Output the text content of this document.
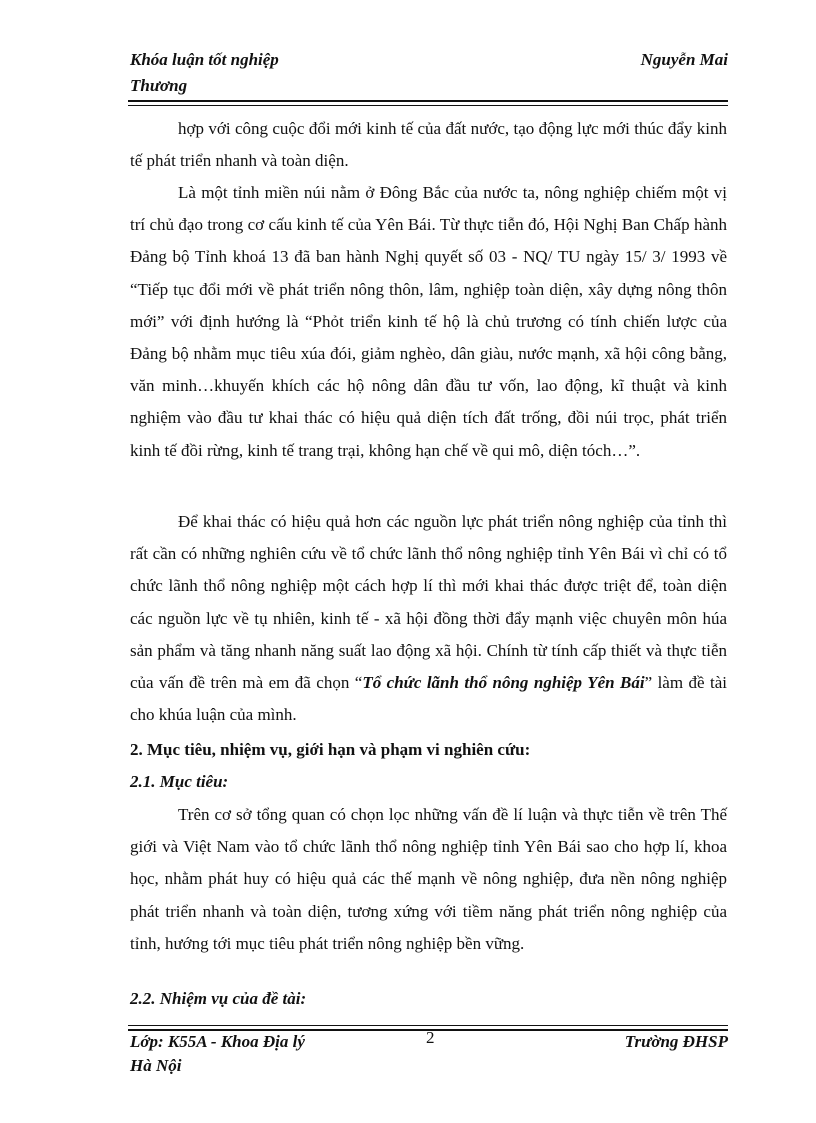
Khóa luận tốt nghiệp	Nguyễn Mai
Thương

hợp với công cuộc đổi mới kinh tế của đất nước, tạo động lực mới thúc đẩy kinh tế phát triển nhanh và toàn diện.

Là một tỉnh miền núi nằm ở Đông Bắc của nước ta, nông nghiệp chiếm một vị trí chủ đạo trong cơ cấu kinh tế của Yên Bái. Từ thực tiễn đó, Hội Nghị Ban Chấp hành Đảng bộ Tỉnh khoá 13 đã ban hành Nghị quyết số 03 - NQ/ TU ngày 15/ 3/ 1993 về “Tiếp tục đổi mới về phát triển nông thôn, lâm, nghiệp toàn diện, xây dựng nông thôn mới” với định hướng là “Phỏt triển kinh tế hộ là chủ trương có tính chiến lược của Đảng bộ nhằm mục tiêu xúa đói, giảm nghèo, dân giàu, nước mạnh, xã hội công bằng, văn minh…khuyến khích các hộ nông dân đầu tư vốn, lao động, kĩ thuật và kinh nghiệm vào đầu tư khai thác có hiệu quả diện tích đất trống, đồi núi trọc, phát triển kinh tế đồi rừng, kinh tế trang trại, không hạn chế về qui mô, diện tóch…”.

Để khai thác có hiệu quả hơn các nguồn lực phát triển nông nghiệp của tỉnh thì rất cần có những nghiên cứu về tổ chức lãnh thổ nông nghiệp tỉnh Yên Bái vì chỉ có tổ chức lãnh thổ nông nghiệp một cách hợp lí thì mới khai thác được triệt để, toàn diện các nguồn lực về tụ nhiên, kinh tế - xã hội đồng thời đẩy mạnh việc chuyên môn húa sản phẩm và tăng nhanh năng suất lao động xã hội. Chính từ tính cấp thiết và thực tiễn của vấn đề trên mà em đã chọn “Tổ chức lãnh thổ nông nghiệp Yên Bái” làm đề tài cho khúa luận của mình.

2. Mục tiêu, nhiệm vụ, giới hạn và phạm vi nghiên cứu:
2.1. Mục tiêu:

Trên cơ sở tổng quan có chọn lọc những vấn đề lí luận và thực tiễn về trên Thế giới và Việt Nam vào tổ chức lãnh thổ nông nghiệp tỉnh Yên Bái sao cho hợp lí, khoa học, nhằm phát huy có hiệu quả các thế mạnh về nông nghiệp, đưa nền nông nghiệp phát triển nhanh và toàn diện, tương xứng với tiềm năng phát triển nông nghiệp của tỉnh, hướng tới mục tiêu phát triển nông nghiệp bền vững.

2.2. Nhiệm vụ của đề tài:
Lớp: K55A - Khoa Địa lý	2	Trường ĐHSP
Hà Nội
